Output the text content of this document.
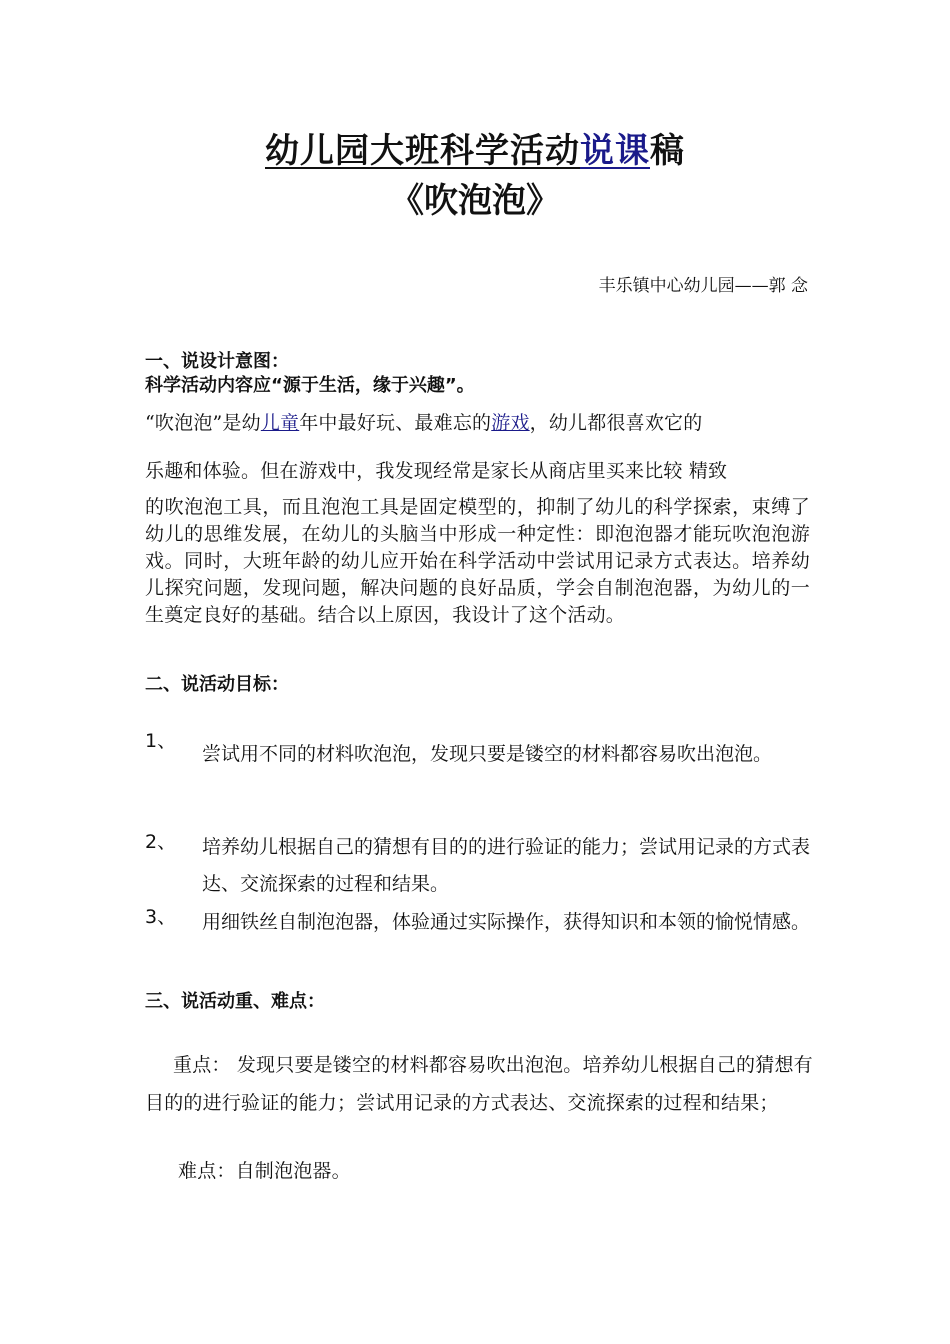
幼儿园大班科学活动说课稿
《吹泡泡》
丰乐镇中心幼儿园——郭 念
一、说设计意图：
科学活动内容应“源于生活，缘于兴趣”。
“吹泡泡”是幼儿童年中最好玩、最难忘的游戏，幼儿都很喜欢它的
乐趣和体验。但在游戏中，我发现经常是家长从商店里买来比较 精致
的吹泡泡工具，而且泡泡工具是固定模型的，抑制了幼儿的科学探索，束缚了幼儿的思维发展，在幼儿的头脑当中形成一种定性：即泡泡器才能玩吹泡泡游戏。同时，大班年龄的幼儿应开始在科学活动中尝试用记录方式表达。培养幼儿探究问题，发现问题，解决问题的良好品质，学会自制泡泡器，为幼儿的一生奠定良好的基础。结合以上原因，我设计了这个活动。
二、说活动目标：
1、
尝试用不同的材料吹泡泡，发现只要是镂空的材料都容易吹出泡泡。
2、 培养幼儿根据自己的猜想有目的的进行验证的能力；尝试用记录的方式表达、交流探索的过程和结果。
3、 用细铁丝自制泡泡器，体验通过实际操作，获得知识和本领的愉悦情感。
三、说活动重、难点：
重点： 发现只要是镂空的材料都容易吹出泡泡。培养幼儿根据自己的猜想有目的的进行验证的能力；尝试用记录的方式表达、交流探索的过程和结果；
难点：自制泡泡器。
